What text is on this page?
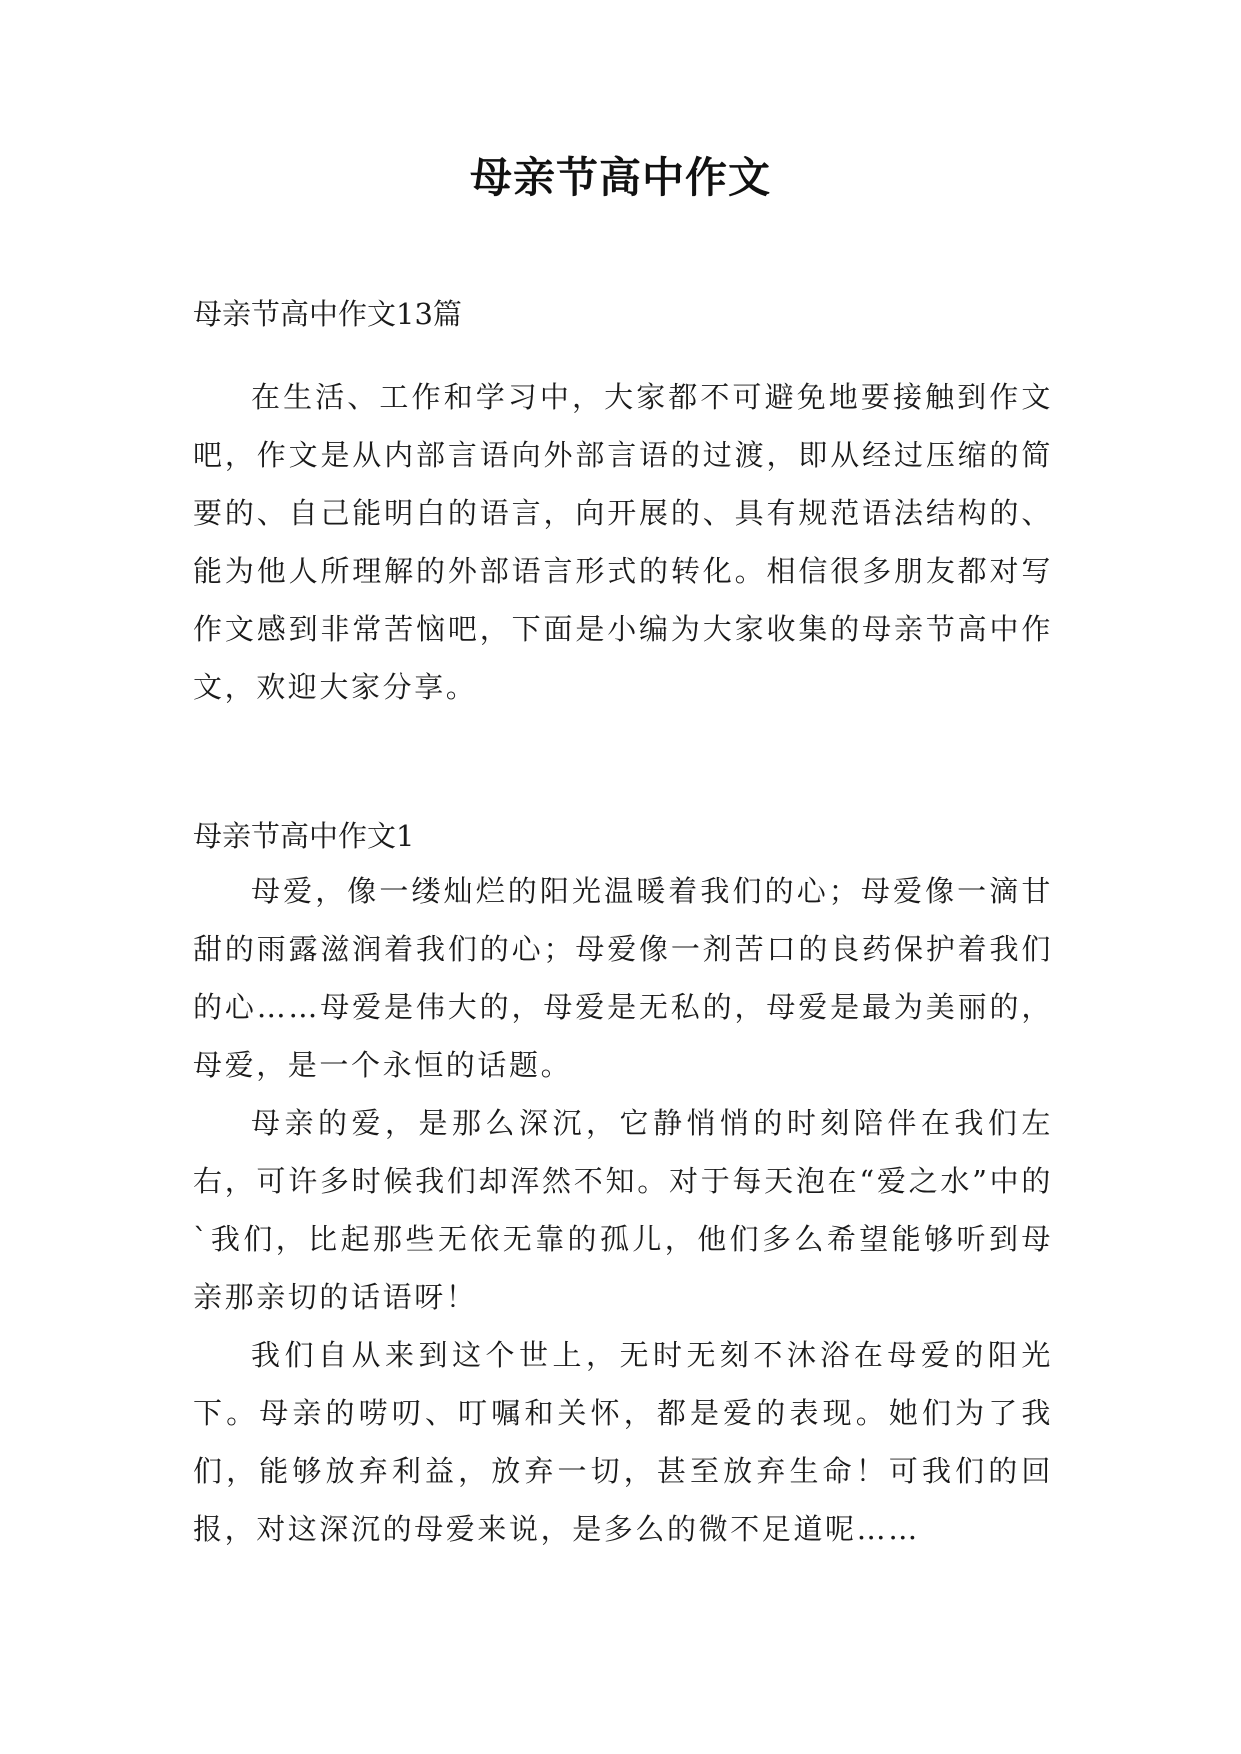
母亲节高中作文

母亲节高中作文13篇

在生活、工作和学习中，大家都不可避免地要接触到作文吧，作文是从内部言语向外部言语的过渡，即从经过压缩的简要的、自己能明白的语言，向开展的、具有规范语法结构的、能为他人所理解的外部语言形式的转化。相信很多朋友都对写作文感到非常苦恼吧，下面是小编为大家收集的母亲节高中作文，欢迎大家分享。

母亲节高中作文1

母爱，像一缕灿烂的阳光温暖着我们的心；母爱像一滴甘甜的雨露滋润着我们的心；母爱像一剂苦口的良药保护着我们的心……母爱是伟大的，母爱是无私的，母爱是最为美丽的，母爱，是一个永恒的话题。

母亲的爱，是那么深沉，它静悄悄的时刻陪伴在我们左右，可许多时候我们却浑然不知。对于每天泡在“爱之水”中的`我们，比起那些无依无靠的孤儿，他们多么希望能够听到母亲那亲切的话语呀！

我们自从来到这个世上，无时无刻不沐浴在母爱的阳光下。母亲的唠叨、叮嘱和关怀，都是爱的表现。她们为了我们，能够放弃利益，放弃一切，甚至放弃生命！可我们的回报，对这深沉的母爱来说，是多么的微不足道呢……
